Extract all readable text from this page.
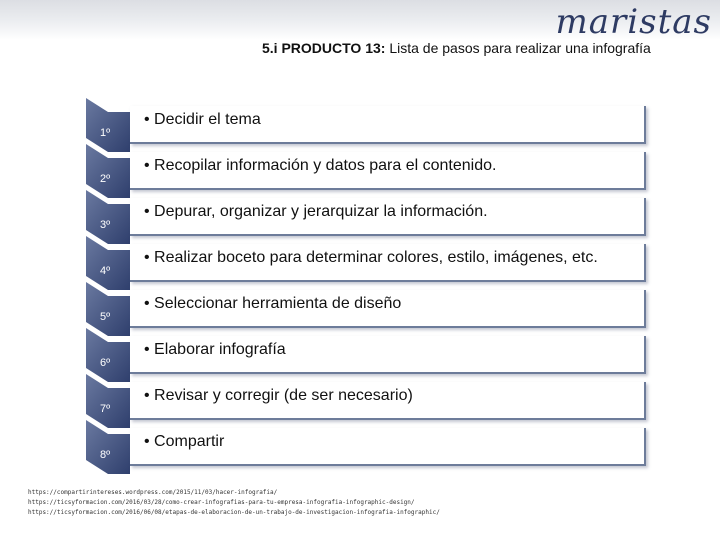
maristas
5.i PRODUCTO 13: Lista de pasos para realizar una infografía
1º
• Decidir el tema
2º
• Recopilar información y datos para el contenido.
3º
• Depurar, organizar y jerarquizar la información.
4º
• Realizar boceto para determinar colores, estilo, imágenes, etc.
5º
• Seleccionar herramienta de diseño
6º
• Elaborar infografía
7º
• Revisar y corregir (de ser necesario)
8º
• Compartir
https://compartirintereses.wordpress.com/2015/11/03/hacer-infografia/
https://ticsyformacion.com/2016/03/28/como-crear-infografias-para-tu-empresa-infografia-infographic-design/
https://ticsyformacion.com/2016/06/08/etapas-de-elaboracion-de-un-trabajo-de-investigacion-infografia-infographic/
